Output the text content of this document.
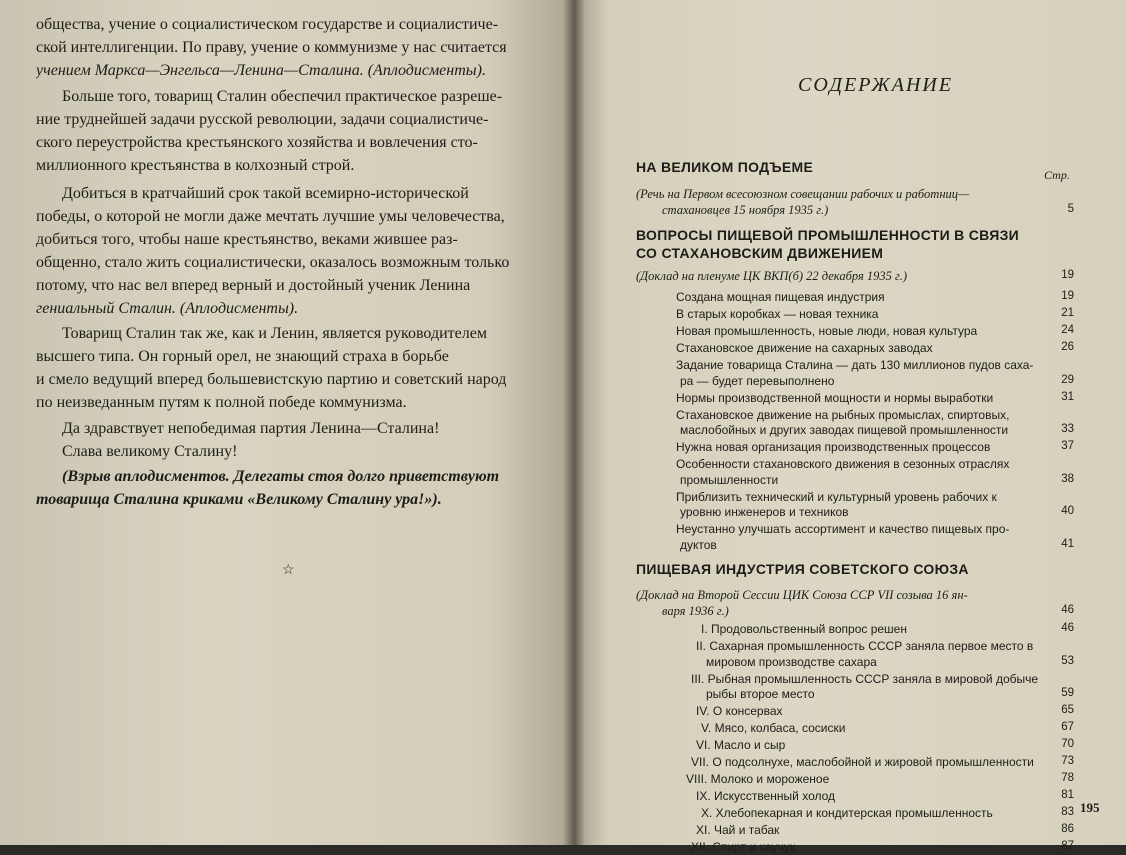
общества, учение о социалистическом государстве и социалистиче-
ской интеллигенции. По праву, учение о коммунизме у нас считается
учением Маркса—Энгельса—Ленина—Сталина. (Аплодисменты).
Больше того, товарищ Сталин обеспечил практическое разреше-
ние труднейшей задачи русской революции, задачи социалистиче-
ского переустройства крестьянского хозяйства и вовлечения сто-
миллионного крестьянства в колхозный строй.
Добиться в кратчайший срок такой всемирно-исторической
победы, о которой не могли даже мечтать лучшие умы человечества,
добиться того, чтобы наше крестьянство, веками жившее раз-
общенно, стало жить социалистически, оказалось возможным только
потому, что нас вел вперед верный и достойный ученик Ленина
гениальный Сталин. (Аплодисменты).
Товарищ Сталин так же, как и Ленин, является руководителем
высшего типа. Он горный орел, не знающий страха в борьбе
и смело ведущий вперед большевистскую партию и советский народ
по неизведанным путям к полной победе коммунизма.
Да здравствует непобедимая партия Ленина—Сталина!
Слава великому Сталину!
(Взрыв аплодисментов. Делегаты стоя долго приветствуют
товарища Сталина криками «Великому Сталину ура!»).
☆
СОДЕРЖАНИЕ
Стр.
НА ВЕЛИКОМ ПОДЪЕМЕ
(Речь на Первом всесоюзном совещании рабочих и работниц—
стахановцев 15 ноября 1935 г.)	5
ВОПРОСЫ ПИЩЕВОЙ ПРОМЫШЛЕННОСТИ В СВЯЗИ
СО СТАХАНОВСКИМ ДВИЖЕНИЕМ
(Доклад на пленуме ЦК ВКП(б) 22 декабря 1935 г.)	19
Создана мощная пищевая индустрия	19
В старых коробках — новая техника	21
Новая промышленность, новые люди, новая культура	24
Стахановское движение на сахарных заводах	26
Задание товарища Сталина — дать 130 миллионов пудов саха-
ра — будет перевыполнено	29
Нормы производственной мощности и нормы выработки	31
Стахановское движение на рыбных промыслах, спиртовых,
маслобойных и других заводах пищевой промышленности	33
Нужна новая организация производственных процессов	37
Особенности стахановского движения в сезонных отраслях
промышленности	38
Приблизить технический и культурный уровень рабочих к
уровню инженеров и техников	40
Неустанно улучшать ассортимент и качество пищевых про-
дуктов	41
ПИЩЕВАЯ ИНДУСТРИЯ СОВЕТСКОГО СОЮЗА
(Доклад на Второй Сессии ЦИК Союза ССР VII созыва 16 ян-
варя 1936 г.)	46
I. Продовольственный вопрос решен	46
II. Сахарная промышленность СССР заняла первое место в
мировом производстве сахара	53
III. Рыбная промышленность СССР заняла в мировой добыче
рыбы второе место	59
IV. О консервах	65
V. Мясо, колбаса, сосиски	67
VI. Масло и сыр	70
VII. О подсолнухе, маслобойной и жировой промышленности	73
VIII. Молоко и мороженое	78
IX. Искусственный холод	81
X. Хлебопекарная и кондитерская промышленность	83
XI. Чай и табак	86
XII. Спирт и каучук	87
195
